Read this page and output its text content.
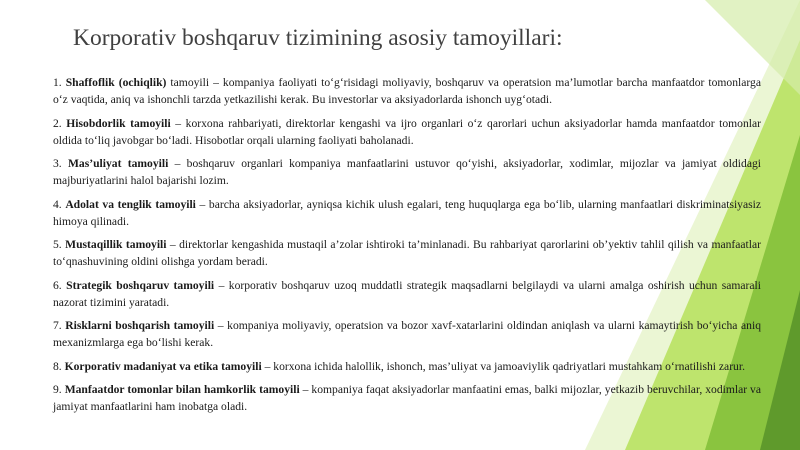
Korporativ boshqaruv tizimining asosiy tamoyillari:

1. Shaffoflik (ochiqlik) tamoyili – kompaniya faoliyati to‘g‘risidagi moliyaviy, boshqaruv va operatsion ma’lumotlar barcha manfaatdor tomonlarga o‘z vaqtida, aniq va ishonchli tarzda yetkazilishi kerak. Bu investorlar va aksiyadorlarda ishonch uyg‘otadi.

2. Hisobdorlik tamoyili – korxona rahbariyati, direktorlar kengashi va ijro organlari o‘z qarorlari uchun aksiyadorlar hamda manfaatdor tomonlar oldida to‘liq javobgar bo‘ladi. Hisobotlar orqali ularning faoliyati baholanadi.

3. Mas’uliyat tamoyili – boshqaruv organlari kompaniya manfaatlarini ustuvor qo‘yishi, aksiyadorlar, xodimlar, mijozlar va jamiyat oldidagi majburiyatlarini halol bajarishi lozim.

4. Adolat va tenglik tamoyili – barcha aksiyadorlar, ayniqsa kichik ulush egalari, teng huquqlarga ega bo‘lib, ularning manfaatlari diskriminatsiyasiz himoya qilinadi.

5. Mustaqillik tamoyili – direktorlar kengashida mustaqil a’zolar ishtiroki ta’minlanadi. Bu rahbariyat qarorlarini ob’yektiv tahlil qilish va manfaatlar to‘qnashuvining oldini olishga yordam beradi.

6. Strategik boshqaruv tamoyili – korporativ boshqaruv uzoq muddatli strategik maqsadlarni belgilaydi va ularni amalga oshirish uchun samarali nazorat tizimini yaratadi.

7. Risklarni boshqarish tamoyili – kompaniya moliyaviy, operatsion va bozor xavf-xatarlarini oldindan aniqlash va ularni kamaytirish bo‘yicha aniq mexanizmlarga ega bo‘lishi kerak.

8. Korporativ madaniyat va etika tamoyili – korxona ichida halollik, ishonch, mas’uliyat va jamoaviylik qadriyatlari mustahkam o‘rnatilishi zarur.

9. Manfaatdor tomonlar bilan hamkorlik tamoyili – kompaniya faqat aksiyadorlar manfaatini emas, balki mijozlar, yetkazib beruvchilar, xodimlar va jamiyat manfaatlarini ham inobatga oladi.
